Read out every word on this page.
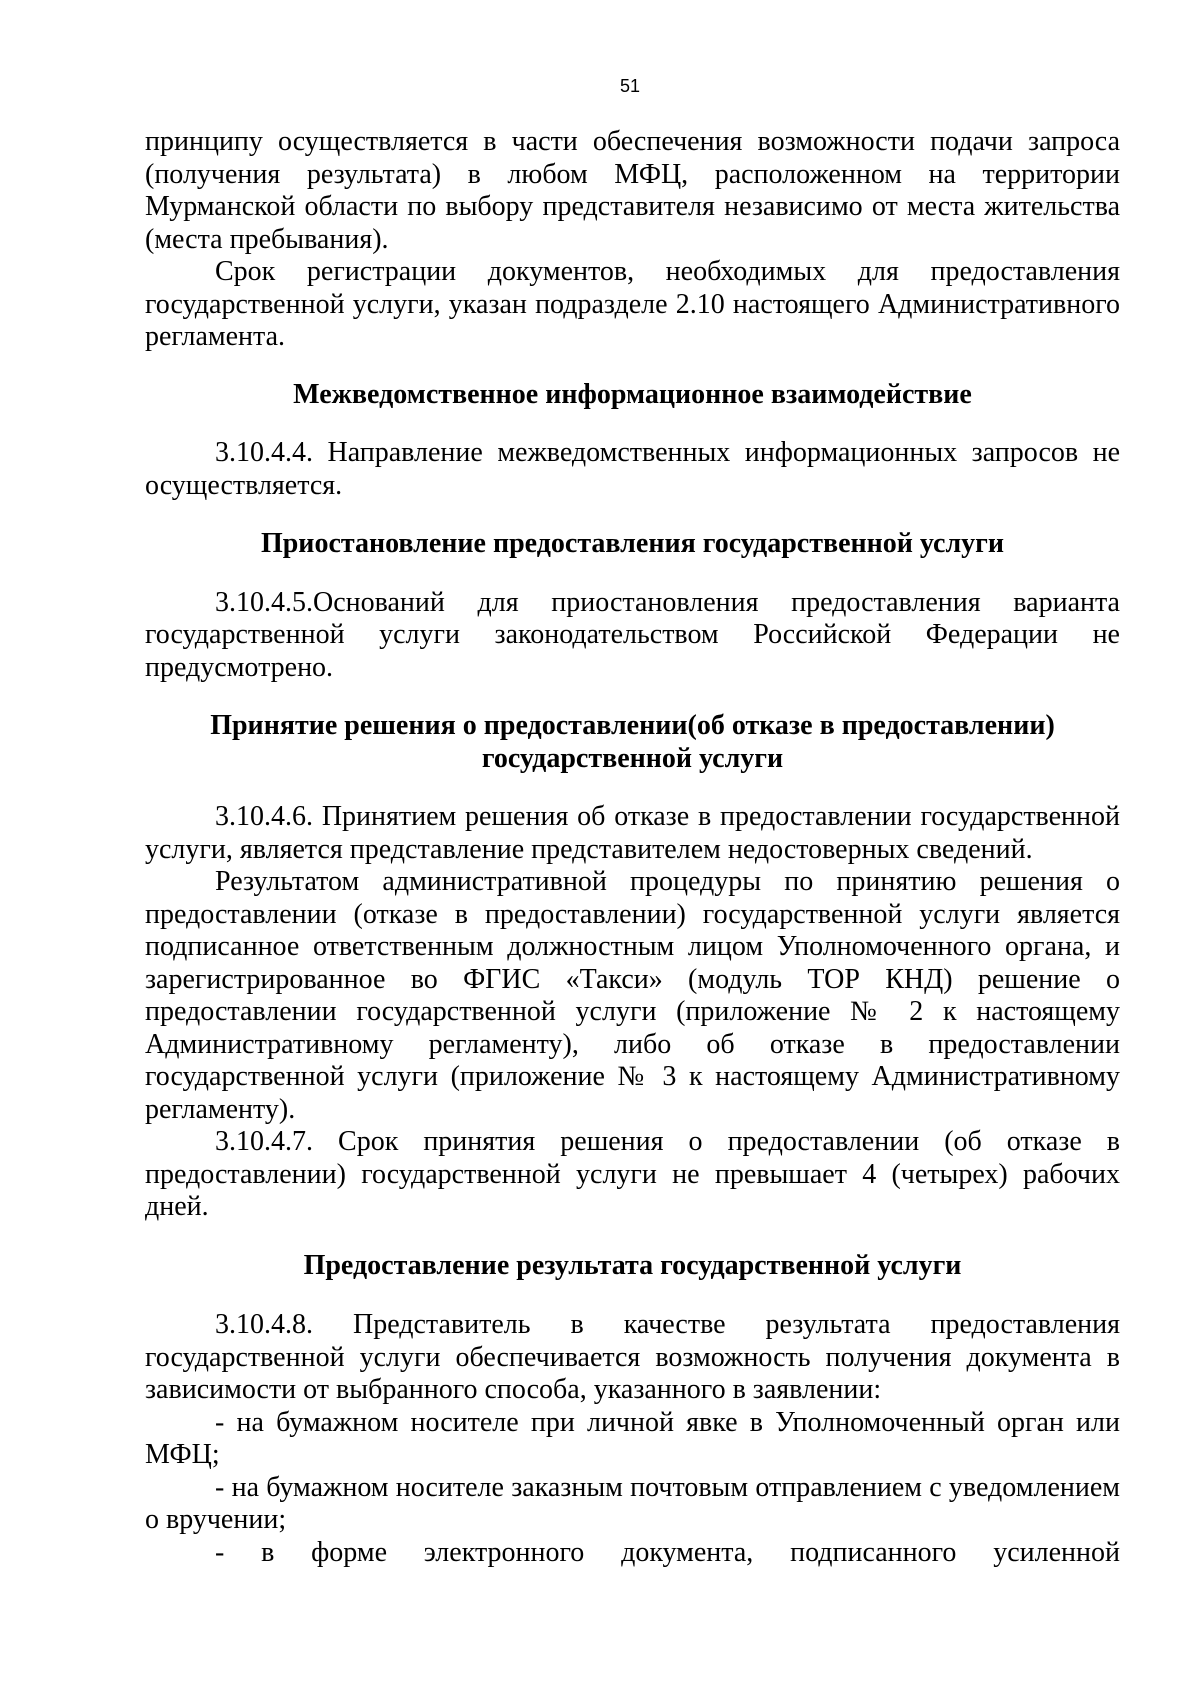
51

принципу осуществляется в части обеспечения возможности подачи запроса (получения результата) в любом МФЦ, расположенном на территории Мурманской области по выбору представителя независимо от места жительства (места пребывания).

Срок регистрации документов, необходимых для предоставления государственной услуги, указан подразделе 2.10 настоящего Административного регламента.

Межведомственное информационное взаимодействие

3.10.4.4. Направление межведомственных информационных запросов не осуществляется.

Приостановление предоставления государственной услуги

3.10.4.5.Оснований для приостановления предоставления варианта государственной услуги законодательством Российской Федерации не предусмотрено.

Принятие решения о предоставлении(об отказе в предоставлении) государственной услуги

3.10.4.6. Принятием решения об отказе в предоставлении государственной услуги, является представление представителем недостоверных сведений.

Результатом административной процедуры по принятию решения о предоставлении (отказе в предоставлении) государственной услуги является подписанное ответственным должностным лицом Уполномоченного органа, и зарегистрированное во ФГИС «Такси» (модуль ТОР КНД) решение о предоставлении государственной услуги (приложение № 2 к настоящему Административному регламенту), либо об отказе в предоставлении государственной услуги (приложение № 3 к настоящему Административному регламенту).

3.10.4.7. Срок принятия решения о предоставлении (об отказе в предоставлении) государственной услуги не превышает 4 (четырех) рабочих дней.

Предоставление результата государственной услуги

3.10.4.8. Представитель в качестве результата предоставления государственной услуги обеспечивается возможность получения документа в зависимости от выбранного способа, указанного в заявлении:

- на бумажном носителе при личной явке в Уполномоченный орган или МФЦ;

- на бумажном носителе заказным почтовым отправлением с уведомлением о вручении;

- в форме электронного документа, подписанного усиленной
